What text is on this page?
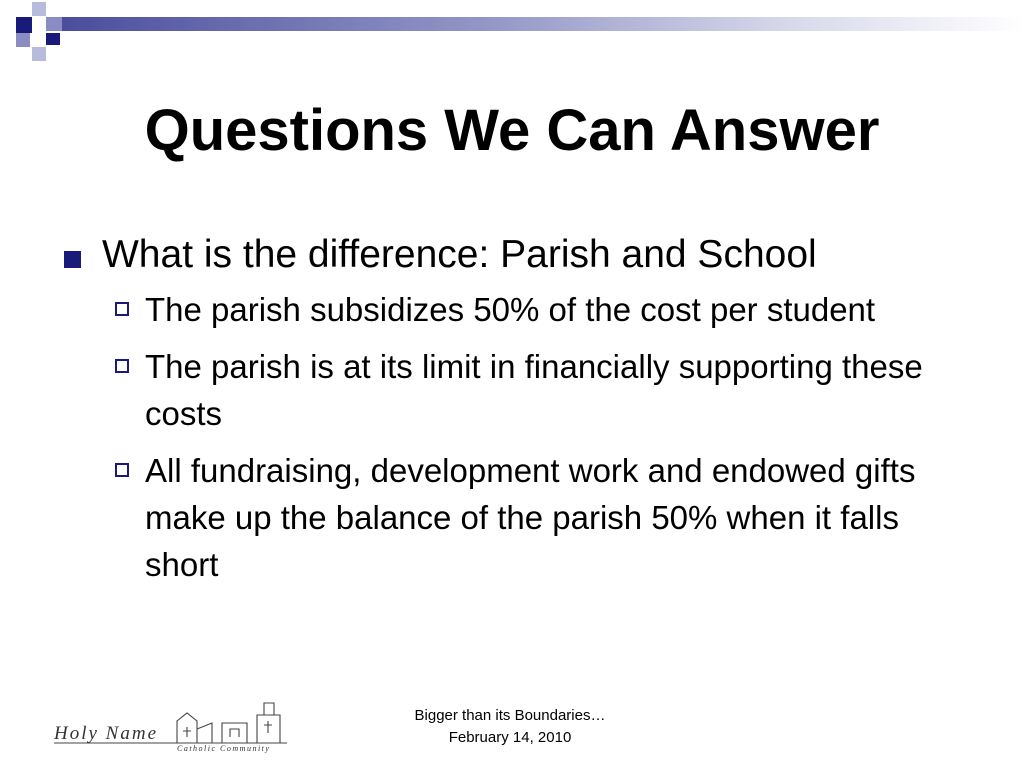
Questions We Can Answer
What is the difference: Parish and School
The parish subsidizes 50% of the cost per student
The parish is at its limit in financially supporting these costs
All fundraising, development work and endowed gifts make up the balance of the parish 50% when it falls short
Holy Name
Catholic Community
Bigger than its Boundaries…
February 14, 2010
